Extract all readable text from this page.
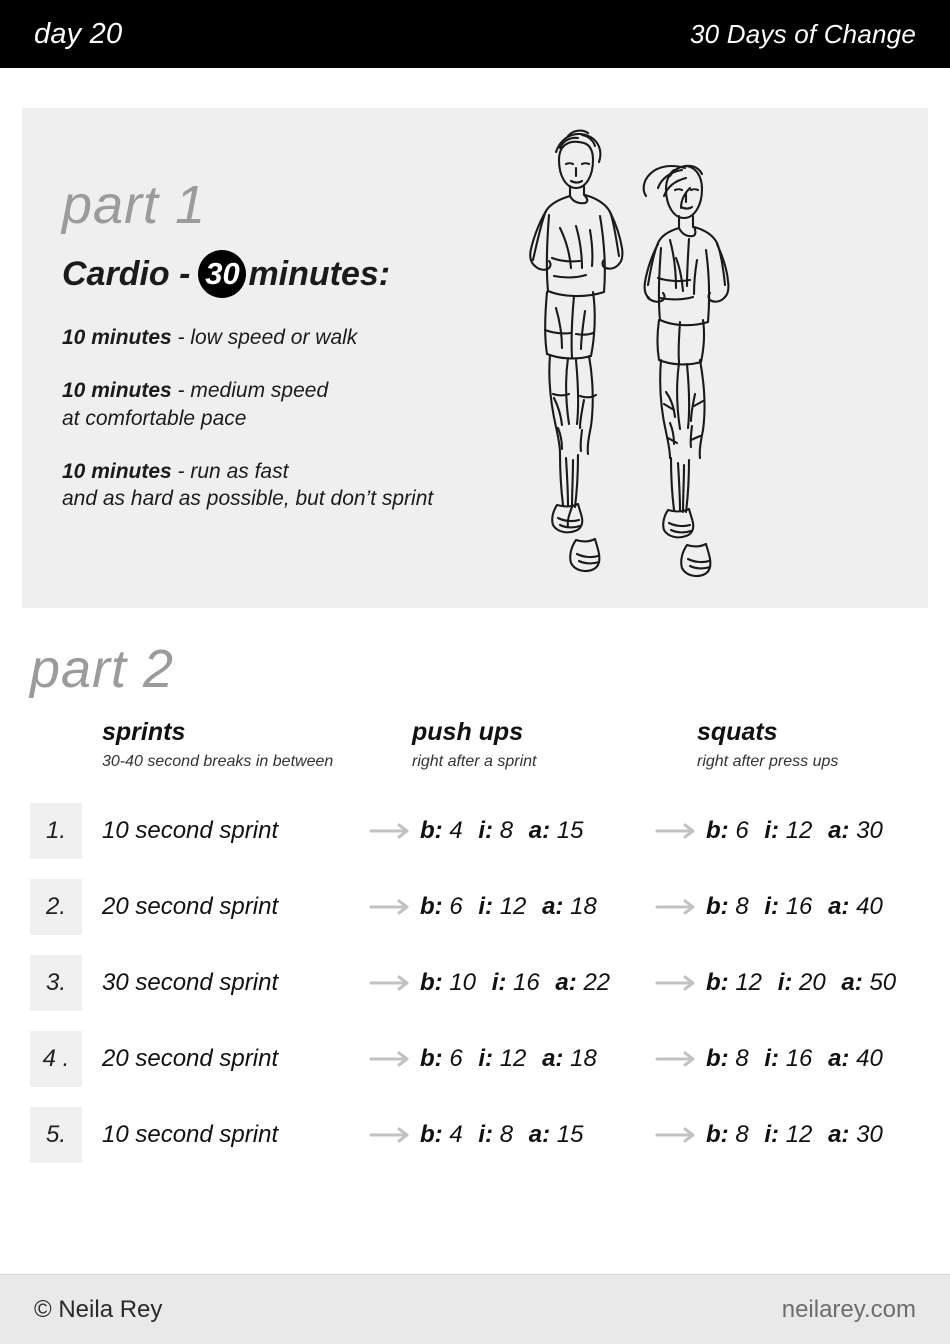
day 20	30 Days of Change
part 1
Cardio - 30 minutes:
10 minutes - low speed or walk
10 minutes - medium speed
at comfortable pace
10 minutes - run as fast
and as hard as possible, but don’t sprint
part 2
sprints
30-40 second breaks in between
push ups
right after a sprint
squats
right after press ups
1.	10 second sprint	b: 4 i: 8 a: 15	b: 6 i: 12 a: 30
2.	20 second sprint	b: 6 i: 12 a: 18	b: 8 i: 16 a: 40
3.	30 second sprint	b: 10 i: 16 a: 22	b: 12 i: 20 a: 50
4 .	20 second sprint	b: 6 i: 12 a: 18	b: 8 i: 16 a: 40
5.	10 second sprint	b: 4 i: 8 a: 15	b: 8 i: 12 a: 30
© Neila Rey	neilarey.com
